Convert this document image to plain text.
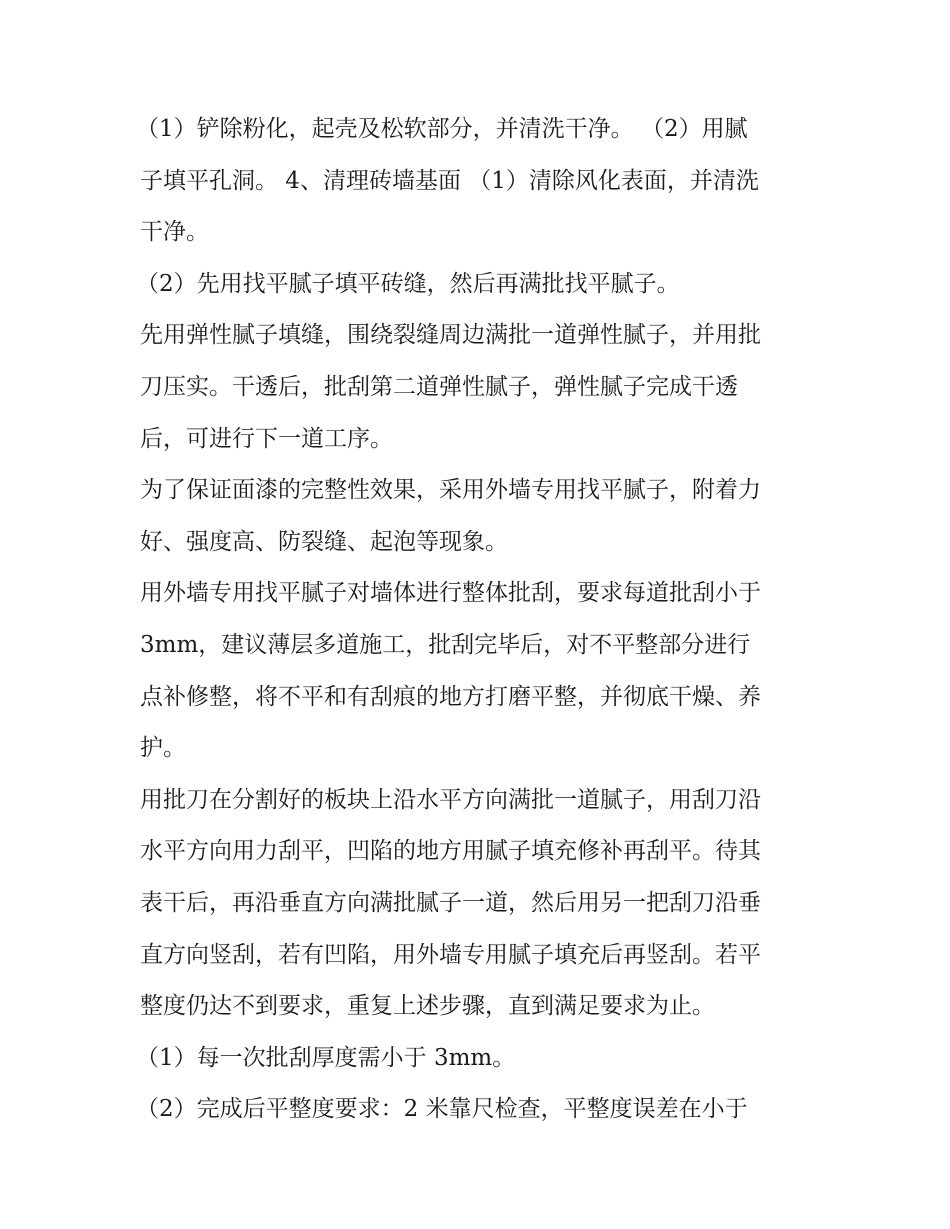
（1）铲除粉化，起壳及松软部分，并清洗干净。 （2）用腻
子填平孔洞。 4、清理砖墙基面 （1）清除风化表面，并清洗
干净。
（2）先用找平腻子填平砖缝，然后再满批找平腻子。
先用弹性腻子填缝，围绕裂缝周边满批一道弹性腻子，并用批
刀压实。干透后，批刮第二道弹性腻子，弹性腻子完成干透
后，可进行下一道工序。
为了保证面漆的完整性效果，采用外墙专用找平腻子，附着力
好、强度高、防裂缝、起泡等现象。
用外墙专用找平腻子对墙体进行整体批刮，要求每道批刮小于
3mm，建议薄层多道施工，批刮完毕后，对不平整部分进行
点补修整，将不平和有刮痕的地方打磨平整，并彻底干燥、养
护。
用批刀在分割好的板块上沿水平方向满批一道腻子，用刮刀沿
水平方向用力刮平，凹陷的地方用腻子填充修补再刮平。待其
表干后，再沿垂直方向满批腻子一道，然后用另一把刮刀沿垂
直方向竖刮，若有凹陷，用外墙专用腻子填充后再竖刮。若平
整度仍达不到要求，重复上述步骤，直到满足要求为止。
（1）每一次批刮厚度需小于 3mm。
（2）完成后平整度要求：2 米靠尺检查，平整度误差在小于
